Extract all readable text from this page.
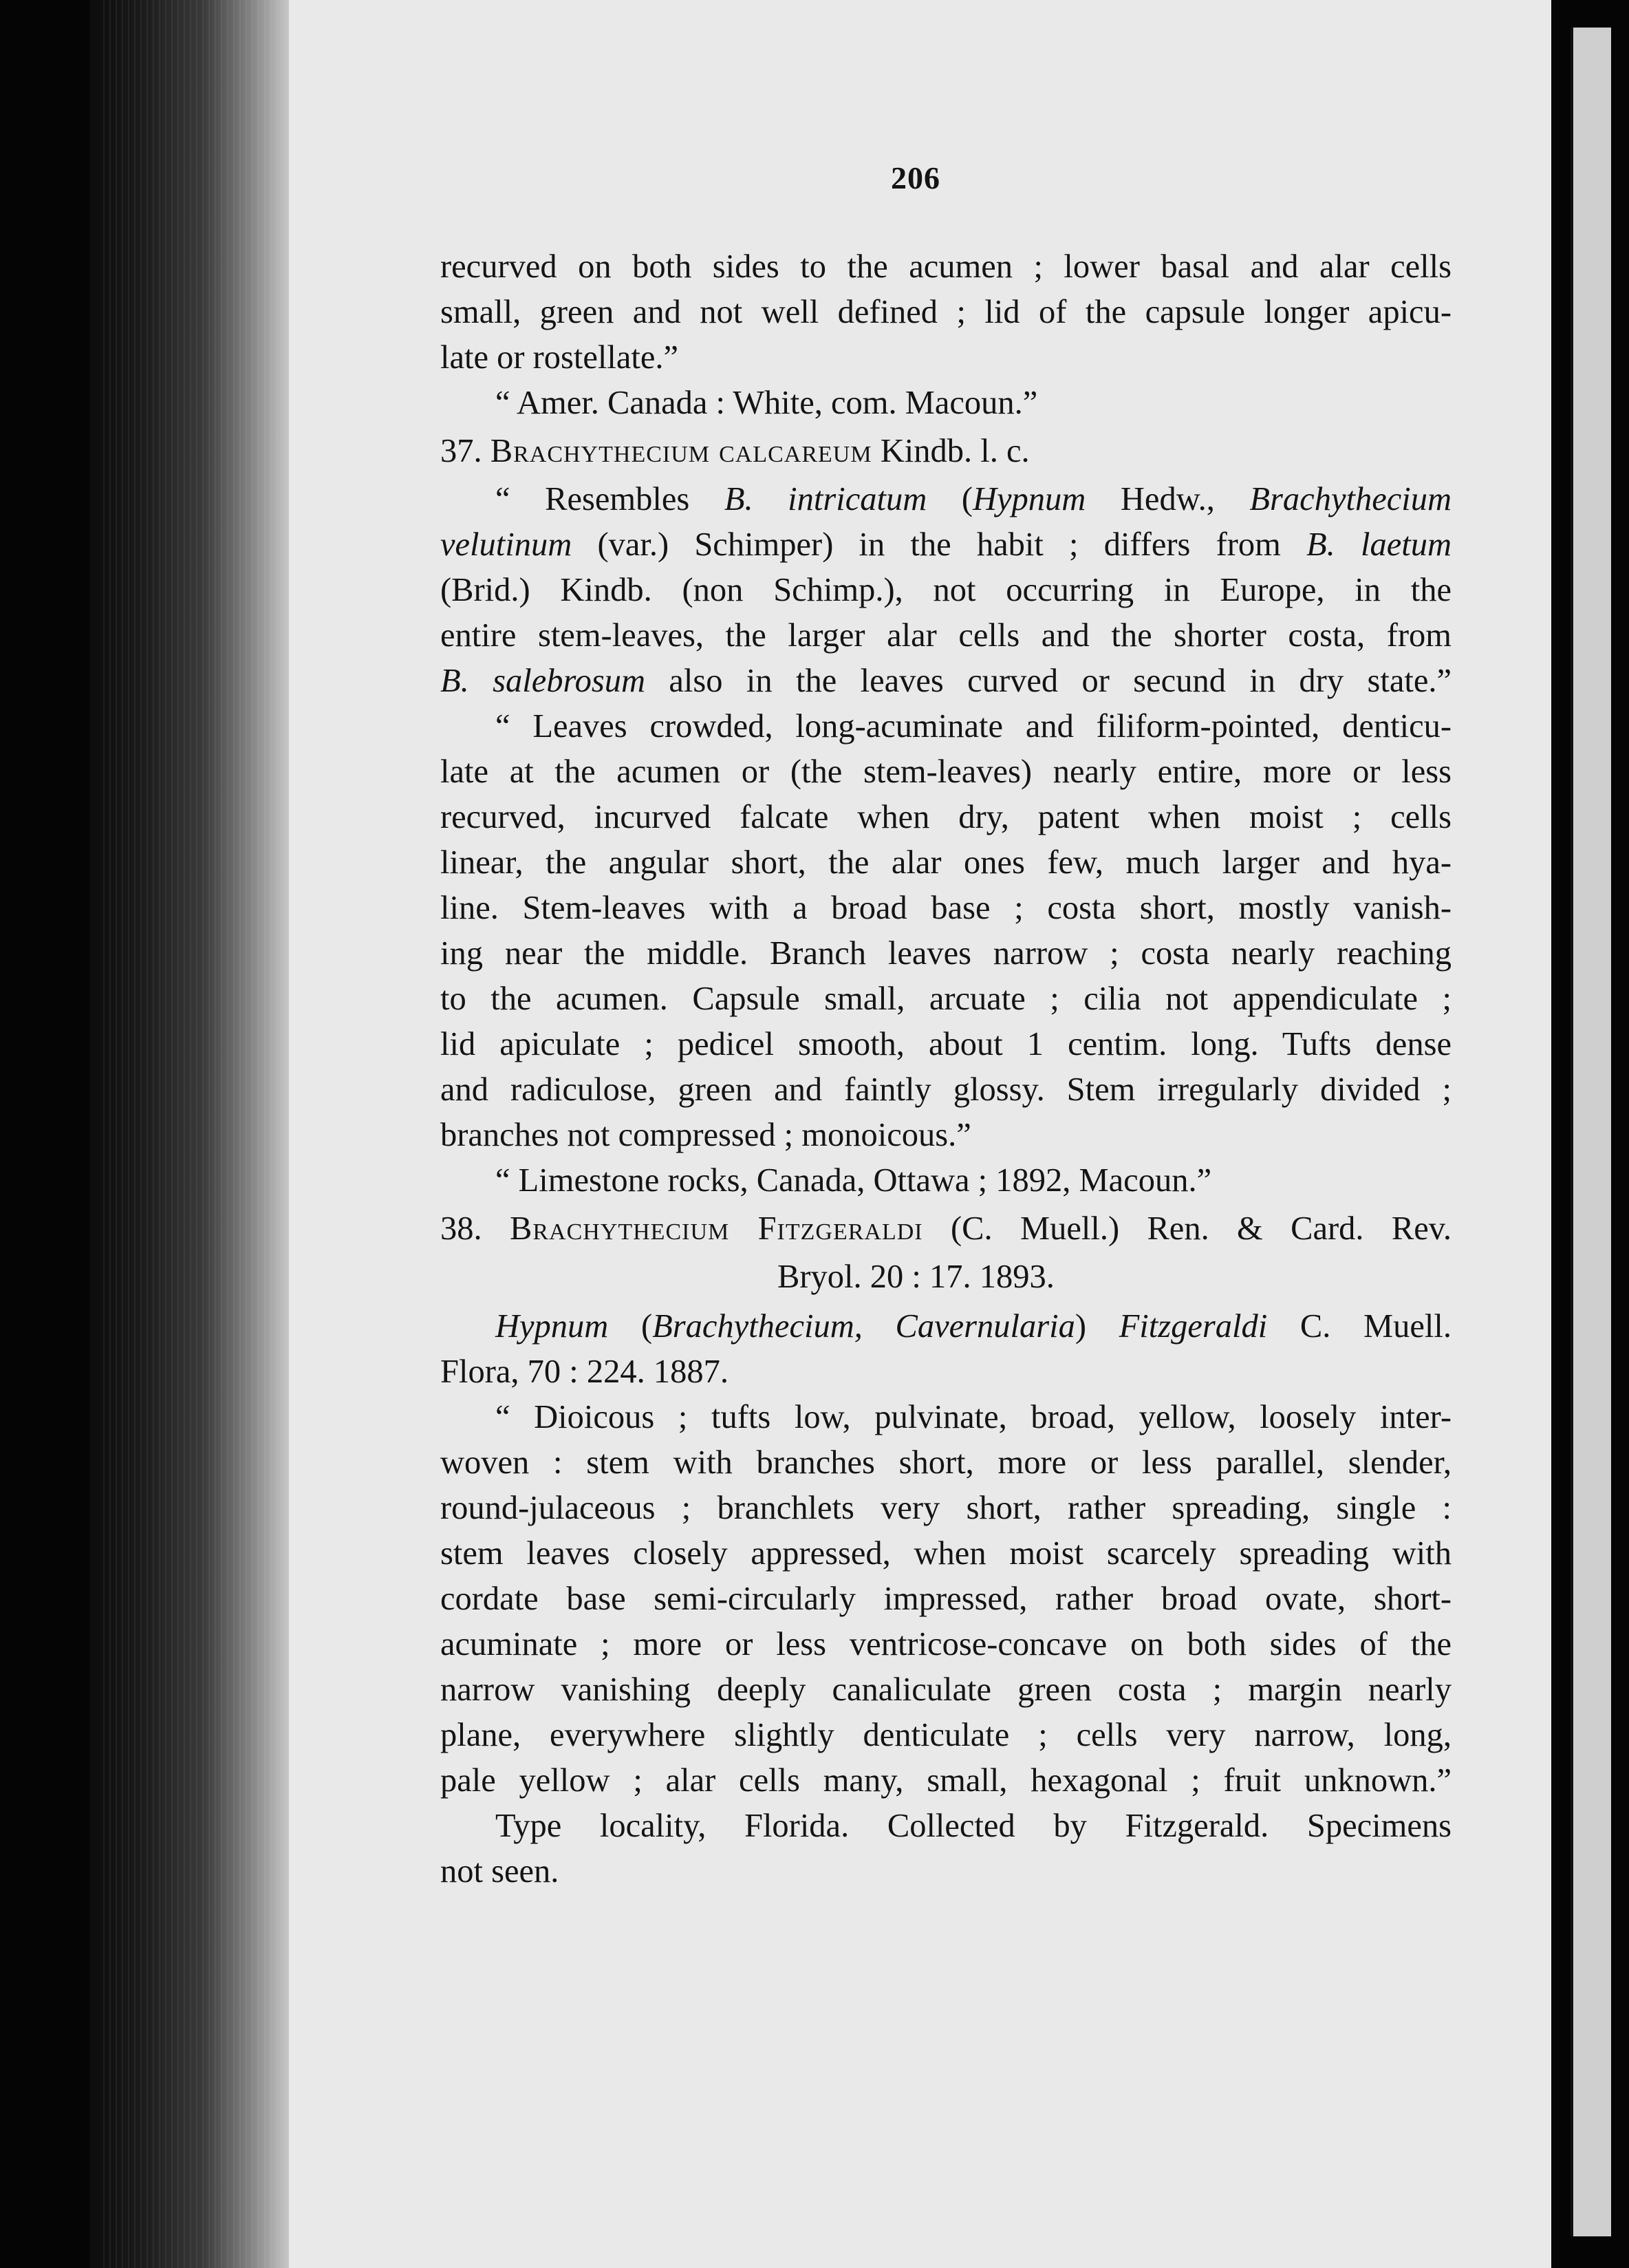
206
recurved on both sides to the acumen ; lower basal and alar cells
small, green and not well defined ; lid of the capsule longer apicu-
late or rostellate.”
“ Amer. Canada : White, com. Macoun.”
37. Brachythecium calcareum Kindb. l. c.
“ Resembles B. intricatum (Hypnum Hedw., Brachythecium
velutinum (var.) Schimper) in the habit ; differs from B. laetum
(Brid.) Kindb. (non Schimp.), not occurring in Europe, in the
entire stem-leaves, the larger alar cells and the shorter costa, from
B. salebrosum also in the leaves curved or secund in dry state.”
“ Leaves crowded, long-acuminate and filiform-pointed, denticu-
late at the acumen or (the stem-leaves) nearly entire, more or less
recurved, incurved falcate when dry, patent when moist ; cells
linear, the angular short, the alar ones few, much larger and hya-
line. Stem-leaves with a broad base ; costa short, mostly vanish-
ing near the middle. Branch leaves narrow ; costa nearly reaching
to the acumen. Capsule small, arcuate ; cilia not appendiculate ;
lid apiculate ; pedicel smooth, about 1 centim. long. Tufts dense
and radiculose, green and faintly glossy. Stem irregularly divided ;
branches not compressed ; monoicous.”
“ Limestone rocks, Canada, Ottawa ; 1892, Macoun.”
38. Brachythecium Fitzgeraldi (C. Muell.) Ren. & Card. Rev.
Bryol. 20 : 17. 1893.
Hypnum (Brachythecium, Cavernularia) Fitzgeraldi C. Muell.
Flora, 70 : 224. 1887.
“ Dioicous ; tufts low, pulvinate, broad, yellow, loosely inter-
woven : stem with branches short, more or less parallel, slender,
round-julaceous ; branchlets very short, rather spreading, single :
stem leaves closely appressed, when moist scarcely spreading with
cordate base semi-circularly impressed, rather broad ovate, short-
acuminate ; more or less ventricose-concave on both sides of the
narrow vanishing deeply canaliculate green costa ; margin nearly
plane, everywhere slightly denticulate ; cells very narrow, long,
pale yellow ; alar cells many, small, hexagonal ; fruit unknown.”
Type locality, Florida. Collected by Fitzgerald. Specimens
not seen.
